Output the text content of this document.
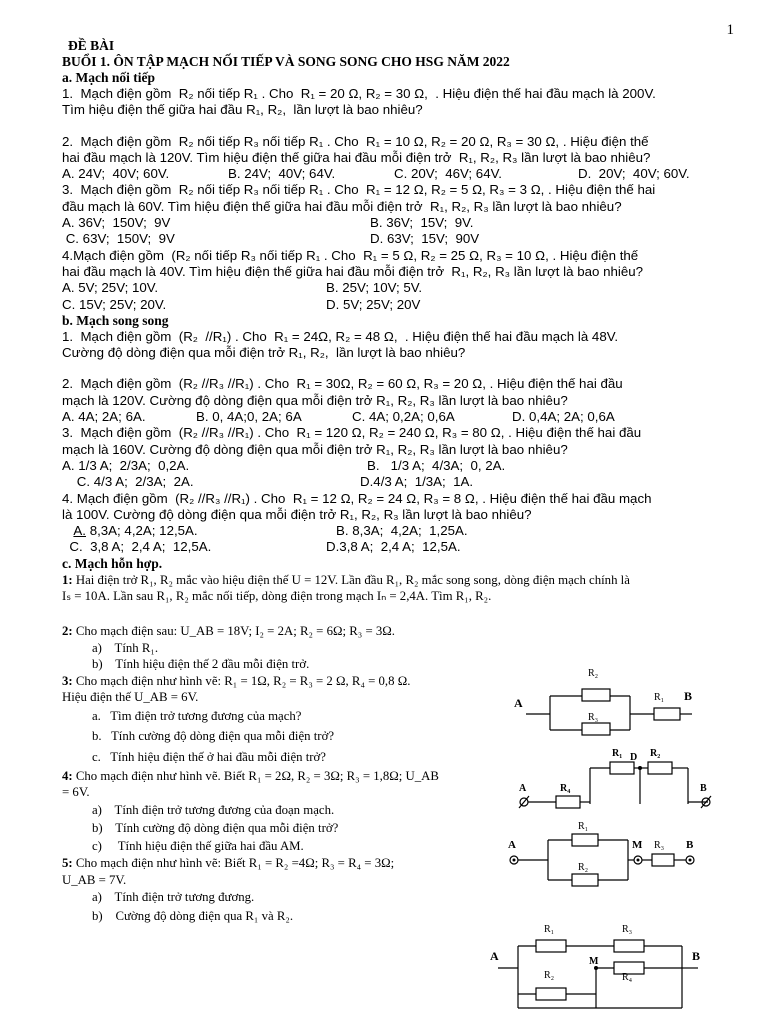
1
ĐỀ BÀI
BUỔI 1. ÔN TẬP MẠCH NỐI TIẾP VÀ SONG SONG CHO HSG NĂM 2022
a. Mạch nối tiếp
1.  Mạch điện gồm  R₂ nối tiếp R₁ . Cho  R₁ = 20 Ω, R₂ = 30 Ω,  . Hiệu điện thế hai đầu mạch là 200V.
Tìm hiệu điện thế giữa hai đầu R₁, R₂,  lần lượt là bao nhiêu?
2.  Mạch điện gồm  R₂ nối tiếp R₃ nối tiếp R₁ . Cho  R₁ = 10 Ω, R₂ = 20 Ω, R₃ = 30 Ω, . Hiệu điện thế
hai đầu mạch là 120V. Tìm hiệu điện thế giữa hai đầu mỗi điện trở  R₁, R₂, R₃ lần lượt là bao nhiêu?
A. 24V;  40V; 60V.	B. 24V;  40V; 64V.	C. 20V;  46V; 64V.	D.  20V;  40V; 60V.
3.  Mạch điện gồm  R₂ nối tiếp R₃ nối tiếp R₁ . Cho  R₁ = 12 Ω, R₂ = 5 Ω, R₃ = 3 Ω, . Hiệu điện thế hai
đầu mạch là 60V. Tìm hiệu điện thế giữa hai đầu mỗi điện trở  R₁, R₂, R₃ lần lượt là bao nhiêu?
A. 36V;  150V;  9V	B. 36V;  15V;  9V.
C. 63V;  150V;  9V	D. 63V;  15V;  90V
4.Mạch điện gồm  (R₂ nối tiếp R₃ nối tiếp R₁ . Cho  R₁ = 5 Ω, R₂ = 25 Ω, R₃ = 10 Ω, . Hiệu điện thế
hai đầu mạch là 40V. Tìm hiệu điện thế giữa hai đầu mỗi điện trở  R₁, R₂, R₃ lần lượt là bao nhiêu?
A. 5V; 25V; 10V.	B. 25V; 10V; 5V.
C. 15V; 25V; 20V.	D. 5V; 25V; 20V
b. Mạch song song
1.  Mạch điện gồm  (R₂  //R₁) . Cho  R₁ = 24Ω, R₂ = 48 Ω,  . Hiệu điện thế hai đầu mạch là 48V.
Cường độ dòng điện qua mỗi điện trở R₁, R₂,  lần lượt là bao nhiêu?
2.  Mạch điện gồm  (R₂ //R₃ //R₁) . Cho  R₁ = 30Ω, R₂ = 60 Ω, R₃ = 20 Ω, . Hiệu điện thế hai đầu
mạch là 120V. Cường độ dòng điện qua mỗi điện trở R₁, R₂, R₃ lần lượt là bao nhiêu?
A. 4A; 2A; 6A.	B. 0, 4A;0, 2A; 6A	C. 4A; 0,2A; 0,6A	D. 0,4A; 2A; 0,6A
3.  Mạch điện gồm  (R₂ //R₃ //R₁) . Cho  R₁ = 120 Ω, R₂ = 240 Ω, R₃ = 80 Ω, . Hiệu điện thế hai đầu
mạch là 160V. Cường độ dòng điện qua mỗi điện trở R₁, R₂, R₃ lần lượt là bao nhiêu?
A. 1/3 A;  2/3A;  0,2A.	B.   1/3 A;  4/3A;  0, 2A.
C. 4/3 A;  2/3A;  2A.	D.4/3 A;  1/3A;  1A.
4. Mạch điện gồm  (R₂ //R₃ //R₁) . Cho  R₁ = 12 Ω, R₂ = 24 Ω, R₃ = 8 Ω, . Hiệu điện thế hai đầu mạch
là 100V. Cường độ dòng điện qua mỗi điện trở R₁, R₂, R₃ lần lượt là bao nhiêu?
A. 8,3A; 4,2A; 12,5A.	B. 8,3A;  4,2A;  1,25A.
C.  3,8 A;  2,4 A;  12,5A.	D.3,8 A;  2,4 A;  12,5A.
c. Mạch hỗn hợp.
1: Hai điện trở R₁, R₂ mắc vào hiệu điện thế U = 12V. Lần đầu R₁, R₂ mắc song song, dòng điện mạch chính là
Iₛ = 10A. Lần sau R₁, R₂ mắc nối tiếp, dòng điện trong mạch Iₙ = 2,4A. Tìm R₁, R₂.
2: Cho mạch điện sau: U_AB = 18V; I₂ = 2A; R₂ = 6Ω; R₃ = 3Ω.
a)    Tính R₁.
b)    Tính hiệu điện thế 2 đầu mỗi điện trở.
3: Cho mạch điện như hình vẽ: R₁ = 1Ω, R₂ = R₃ = 2 Ω, R₄ = 0,8 Ω.
Hiệu điện thế U_AB = 6V.
a.   Tìm điện trở tương đương của mạch?
b.   Tính cường độ dòng điện qua mỗi điện trở?
c.   Tính hiệu điện thế ở hai đầu mỗi điện trở?
4: Cho mạch điện như hình vẽ. Biết R₁ = 2Ω, R₂ = 3Ω; R₃ = 1,8Ω; U_AB
= 6V.
a)    Tính điện trở tương đương của đoạn mạch.
b)    Tính cường độ dòng điện qua mỗi điện trở?
c)     Tính hiệu điện thế giữa hai đầu AM.
5: Cho mạch điện như hình vẽ: Biết R₁ = R₂ =4Ω; R₃ = R₄ = 3Ω;
U_AB = 7V.
a)    Tính điện trở tương đương.
b)    Cường độ dòng điện qua R₁ và R₂.
A	B
R₂
R₃
R₁
A	B
D
R₁	R₂
R₄
A	M	B
R₁
R₂
R₃
A	B
M
R₁
R₂
R₃
R₄
